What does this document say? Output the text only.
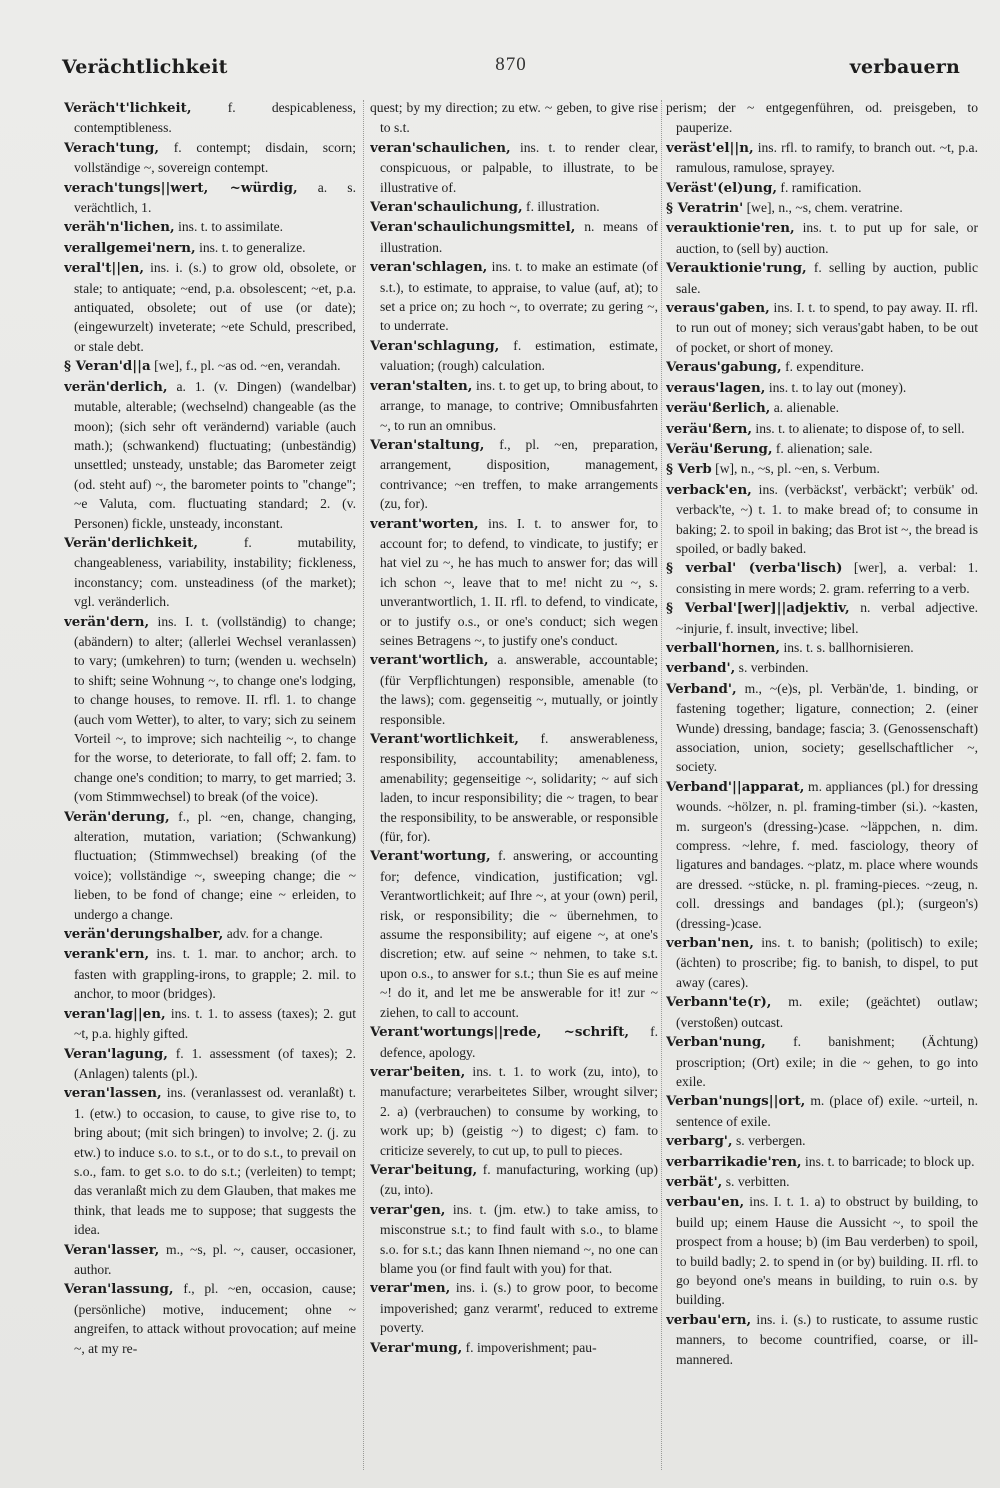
Verächtlichkeit	870	verbauern
Veräch't'lichkeit, f. despicableness, contemptibleness.
Verach'tung, f. contempt; disdain, scorn; vollständige ~, sovereign contempt.
verach'tungs||wert, ~würdig, a. s. verächtlich, 1.
veräh'n'lichen, ins. t. to assimilate.
verallgemei'nern, ins. t. to generalize.
veral't||en, ins. i. (s.) to grow old, obsolete, or stale; to antiquate; ~end, p.a. obsolescent; ~et, p.a. antiquated, obsolete; out of use (or date); (eingewurzelt) inveterate; ~ete Schuld, prescribed, or stale debt.
§ Veran'd||a [we], f., pl. ~as od. ~en, verandah.
verän'derlich, a. 1. (v. Dingen) (wandelbar) mutable, alterable; (wechselnd) changeable (as the moon); (sich sehr oft verändernd) variable (auch math.); (schwankend) fluctuating; (unbeständig) unsettled; unsteady, unstable; das Barometer zeigt (od. steht auf) ~, the barometer points to "change"; ~e Valuta, com. fluctuating standard; 2. (v. Personen) fickle, unsteady, inconstant.
Verän'derlichkeit, f. mutability, changeableness, variability, instability; fickleness, inconstancy; com. unsteadiness (of the market); vgl. veränderlich.
verän'dern, ins. I. t. (vollständig) to change; (abändern) to alter; (allerlei Wechsel veranlassen) to vary; (umkehren) to turn; (wenden u. wechseln) to shift; seine Wohnung ~, to change one's lodging, to change houses, to remove. II. rfl. 1. to change (auch vom Wetter), to alter, to vary; sich zu seinem Vorteil ~, to improve; sich nachteilig ~, to change for the worse, to deteriorate, to fall off; 2. fam. to change one's condition; to marry, to get married; 3. (vom Stimmwechsel) to break (of the voice).
Verän'derung, f., pl. ~en, change, changing, alteration, mutation, variation; (Schwankung) fluctuation; (Stimmwechsel) breaking (of the voice); vollständige ~, sweeping change; die ~ lieben, to be fond of change; eine ~ erleiden, to undergo a change.
verän'derungshalber, adv. for a change.
verank'ern, ins. t. 1. mar. to anchor; arch. to fasten with grappling-irons, to grapple; 2. mil. to anchor, to moor (bridges).
veran'lag||en, ins. t. 1. to assess (taxes); 2. gut ~t, p.a. highly gifted.
Veran'lagung, f. 1. assessment (of taxes); 2. (Anlagen) talents (pl.).
veran'lassen, ins. (veranlassest od. veranlaßt) t. 1. (etw.) to occasion, to cause, to give rise to, to bring about; (mit sich bringen) to involve; 2. (j. zu etw.) to induce s.o. to s.t., or to do s.t., to prevail on s.o., fam. to get s.o. to do s.t.; (verleiten) to tempt; das veranlaßt mich zu dem Glauben, that makes me think, that leads me to suppose; that suggests the idea.
Veran'lasser, m., ~s, pl. ~, causer, occasioner, author.
Veran'lassung, f., pl. ~en, occasion, cause; (persönliche) motive, inducement; ohne ~ angreifen, to attack without provocation; auf meine ~, at my re-
quest; by my direction; zu etw. ~ geben, to give rise to s.t.
veran'schaulichen, ins. t. to render clear, conspicuous, or palpable, to illustrate, to be illustrative of.
Veran'schaulichung, f. illustration.
Veran'schaulichungsmittel, n. means of illustration.
veran'schlagen, ins. t. to make an estimate (of s.t.), to estimate, to appraise, to value (auf, at); to set a price on; zu hoch ~, to overrate; zu gering ~, to underrate.
Veran'schlagung, f. estimation, estimate, valuation; (rough) calculation.
veran'stalten, ins. t. to get up, to bring about, to arrange, to manage, to contrive; Omnibusfahrten ~, to run an omnibus.
Veran'staltung, f., pl. ~en, preparation, arrangement, disposition, management, contrivance; ~en treffen, to make arrangements (zu, for).
verant'worten, ins. I. t. to answer for, to account for; to defend, to vindicate, to justify; er hat viel zu ~, he has much to answer for; das will ich schon ~, leave that to me! nicht zu ~, s. unverantwortlich, 1. II. rfl. to defend, to vindicate, or to justify o.s., or one's conduct; sich wegen seines Betragens ~, to justify one's conduct.
verant'wortlich, a. answerable, accountable; (für Verpflichtungen) responsible, amenable (to the laws); com. gegenseitig ~, mutually, or jointly responsible.
Verant'wortlichkeit, f. answerableness, responsibility, accountability; amenableness, amenability; gegenseitige ~, solidarity; ~ auf sich laden, to incur responsibility; die ~ tragen, to bear the responsibility, to be answerable, or responsible (für, for).
Verant'wortung, f. answering, or accounting for; defence, vindication, justification; vgl. Verantwortlichkeit; auf Ihre ~, at your (own) peril, risk, or responsibility; die ~ übernehmen, to assume the responsibility; auf eigene ~, at one's discretion; etw. auf seine ~ nehmen, to take s.t. upon o.s., to answer for s.t.; thun Sie es auf meine ~! do it, and let me be answerable for it! zur ~ ziehen, to call to account.
Verant'wortungs||rede, ~schrift, f. defence, apology.
verar'beiten, ins. t. 1. to work (zu, into), to manufacture; verarbeitetes Silber, wrought silver; 2. a) (verbrauchen) to consume by working, to work up; b) (geistig ~) to digest; c) fam. to criticize severely, to cut up, to pull to pieces.
Verar'beitung, f. manufacturing, working (up) (zu, into).
verar'gen, ins. t. (jm. etw.) to take amiss, to misconstrue s.t.; to find fault with s.o., to blame s.o. for s.t.; das kann Ihnen niemand ~, no one can blame you (or find fault with you) for that.
verar'men, ins. i. (s.) to grow poor, to become impoverished; ganz verarmt', reduced to extreme poverty.
Verar'mung, f. impoverishment; pau-
perism; der ~ entgegenführen, od. preisgeben, to pauperize.
veräst'el||n, ins. rfl. to ramify, to branch out. ~t, p.a. ramulous, ramulose, sprayey.
Veräst'(el)ung, f. ramification.
§ Veratrin' [we], n., ~s, chem. veratrine.
verauktionie'ren, ins. t. to put up for sale, or auction, to (sell by) auction.
Verauktionie'rung, f. selling by auction, public sale.
veraus'gaben, ins. I. t. to spend, to pay away. II. rfl. to run out of money; sich veraus'gabt haben, to be out of pocket, or short of money.
Veraus'gabung, f. expenditure.
veraus'lagen, ins. t. to lay out (money).
veräu'ßerlich, a. alienable.
veräu'ßern, ins. t. to alienate; to dispose of, to sell.
Veräu'ßerung, f. alienation; sale.
§ Verb [w], n., ~s, pl. ~en, s. Verbum.
verback'en, ins. (verbäckst', verbäckt'; verbük' od. verback'te, ~) t. 1. to make bread of; to consume in baking; 2. to spoil in baking; das Brot ist ~, the bread is spoiled, or badly baked.
§ verbal' (verba'lisch) [wer], a. verbal: 1. consisting in mere words; 2. gram. referring to a verb.
§ Verbal'[wer]||adjektiv, n. verbal adjective. ~injurie, f. insult, invective; libel.
verball'hornen, ins. t. s. ballhornisieren.
verband', s. verbinden.
Verband', m., ~(e)s, pl. Verbän'de, 1. binding, or fastening together; ligature, connection; 2. (einer Wunde) dressing, bandage; fascia; 3. (Genossenschaft) association, union, society; gesellschaftlicher ~, society.
Verband'||apparat, m. appliances (pl.) for dressing wounds. ~hölzer, n. pl. framing-timber (si.). ~kasten, m. surgeon's (dressing-)case. ~läppchen, n. dim. compress. ~lehre, f. med. fasciology, theory of ligatures and bandages. ~platz, m. place where wounds are dressed. ~stücke, n. pl. framing-pieces. ~zeug, n. coll. dressings and bandages (pl.); (surgeon's) (dressing-)case.
verban'nen, ins. t. to banish; (politisch) to exile; (ächten) to proscribe; fig. to banish, to dispel, to put away (cares).
Verbann'te(r), m. exile; (geächtet) outlaw; (verstoßen) outcast.
Verban'nung, f. banishment; (Ächtung) proscription; (Ort) exile; in die ~ gehen, to go into exile.
Verban'nungs||ort, m. (place of) exile. ~urteil, n. sentence of exile.
verbarg', s. verbergen.
verbarrikadie'ren, ins. t. to barricade; to block up.
verbät', s. verbitten.
verbau'en, ins. I. t. 1. a) to obstruct by building, to build up; einem Hause die Aussicht ~, to spoil the prospect from a house; b) (im Bau verderben) to spoil, to build badly; 2. to spend in (or by) building. II. rfl. to go beyond one's means in building, to ruin o.s. by building.
verbau'ern, ins. i. (s.) to rusticate, to assume rustic manners, to become countrified, coarse, or ill-mannered.
